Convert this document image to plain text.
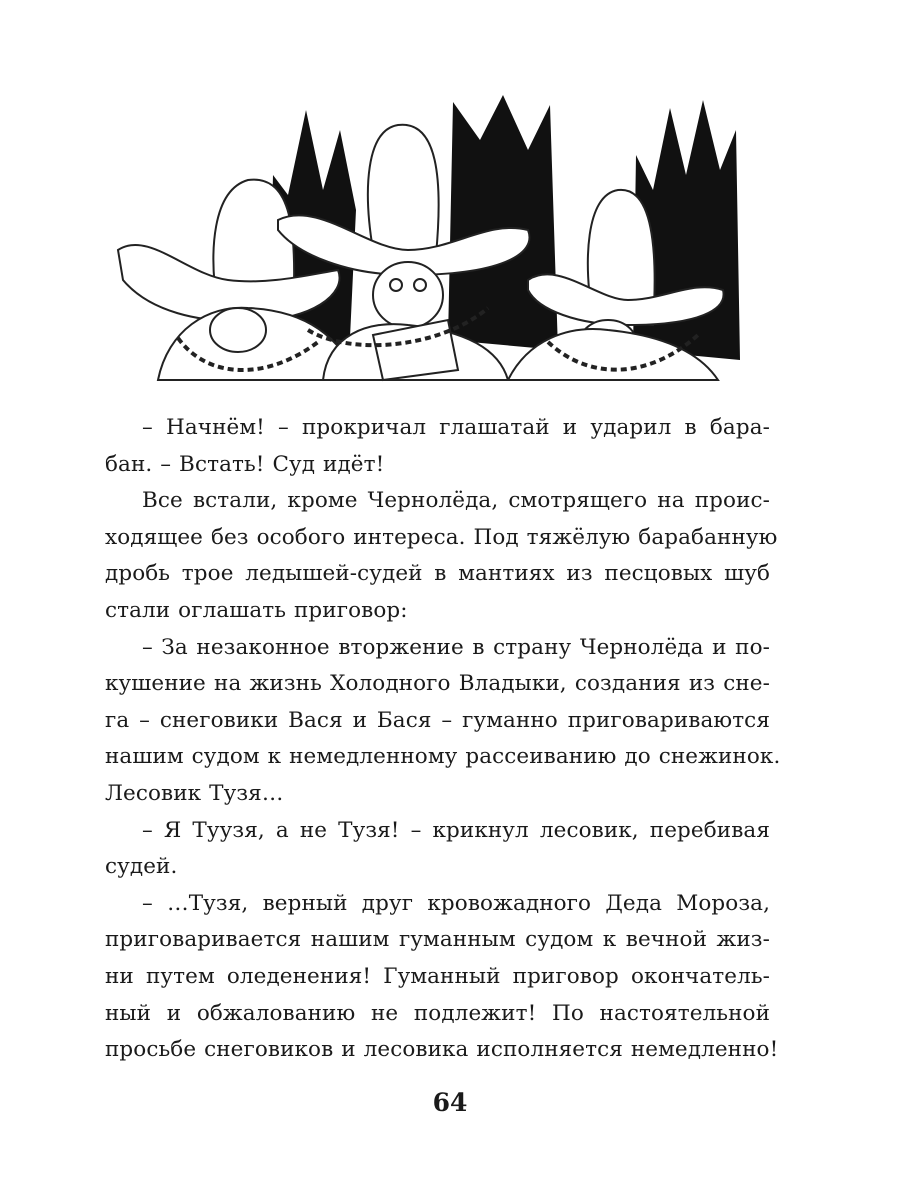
– Начнём! – прокричал глашатай и ударил в бара-
бан. – Встать! Суд идёт!
Все встали, кроме Чернолёда, смотрящего на проис-
ходящее без особого интереса. Под тяжёлую барабанную
дробь трое ледышей-судей в мантиях из песцовых шуб
стали оглашать приговор:
– За незаконное вторжение в страну Чернолёда и по-
кушение на жизнь Холодного Владыки, создания из сне-
га – снеговики Вася и Бася – гуманно приговариваются
нашим судом к немедленному рассеиванию до снежинок.
Лесовик Тузя…
– Я Туузя, а не Тузя! – крикнул лесовик, перебивая
судей.
– …Тузя, верный друг кровожадного Деда Мороза,
приговаривается нашим гуманным судом к вечной жиз-
ни путем оледенения! Гуманный приговор окончатель-
ный и обжалованию не подлежит! По настоятельной
просьбе снеговиков и лесовика исполняется немедленно!
64
